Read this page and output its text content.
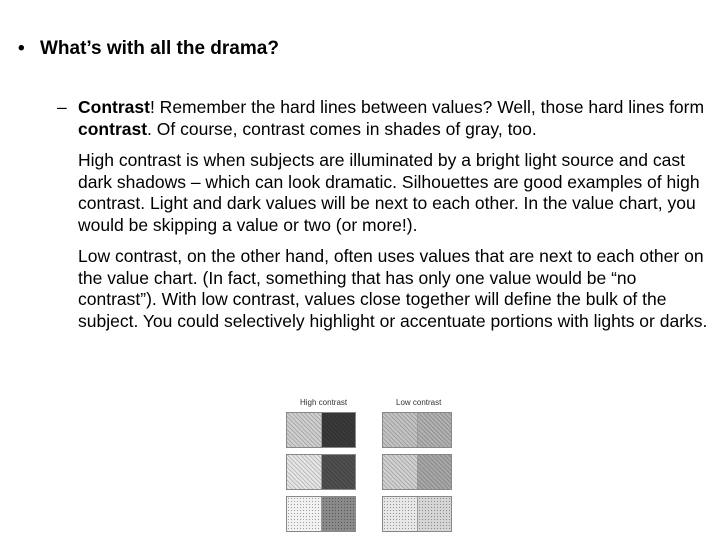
• What’s with all the drama?
– Contrast! Remember the hard lines between values? Well, those hard lines form contrast. Of course, contrast comes in shades of gray, too.
High contrast is when subjects are illuminated by a bright light source and cast dark shadows – which can look dramatic. Silhouettes are good examples of high contrast. Light and dark values will be next to each other. In the value chart, you would be skipping a value or two (or more!).
Low contrast, on the other hand, often uses values that are next to each other on the value chart. (In fact, something that has only one value would be “no contrast”). With low contrast, values close together will define the bulk of the subject. You could selectively highlight or accentuate portions with lights or darks.
High contrast	Low contrast
